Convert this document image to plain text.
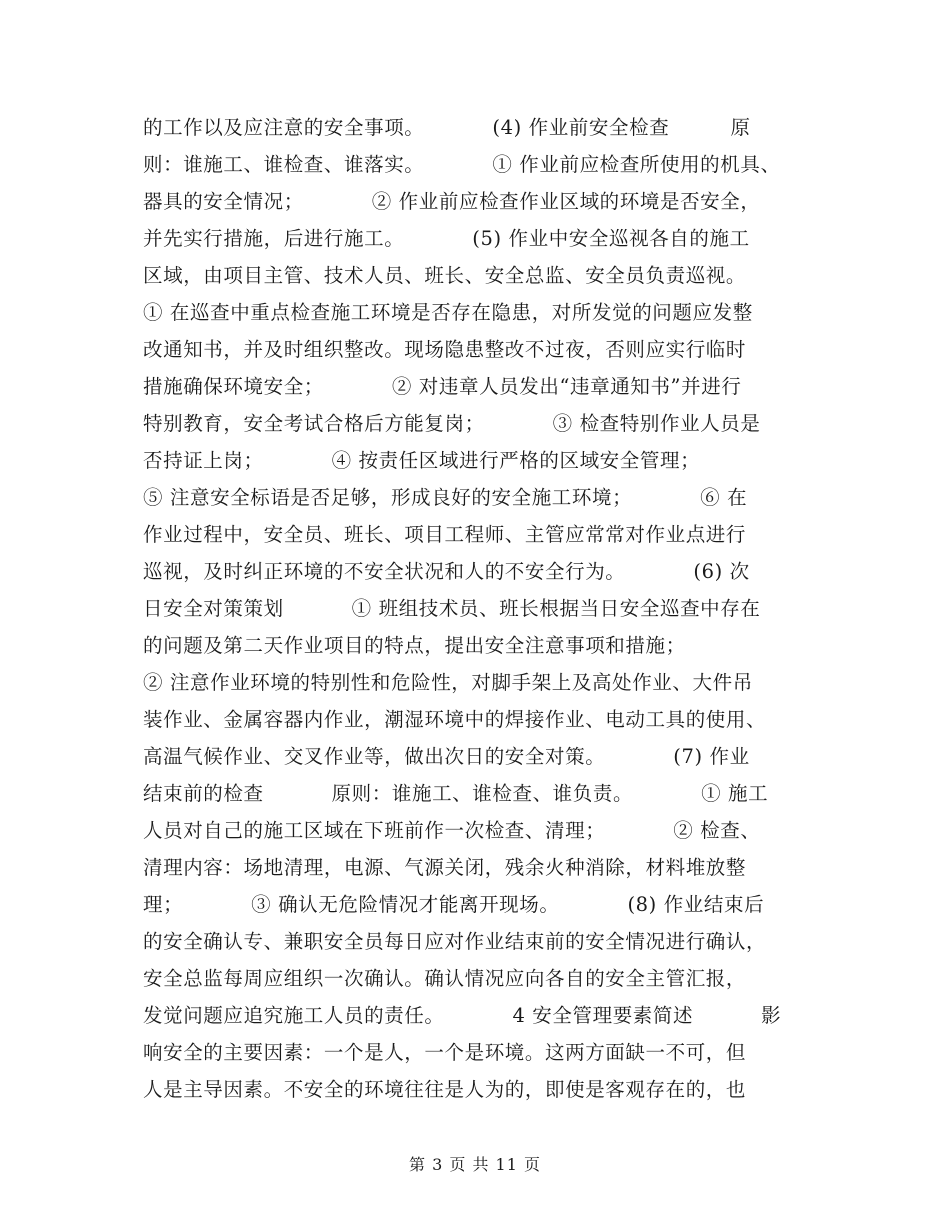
的工作以及应注意的安全事项。          (4) 作业前安全检查         原
则：谁施工、谁检查、谁落实。          ① 作业前应检查所使用的机具、
器具的安全情况；          ② 作业前应检查作业区域的环境是否安全，
并先实行措施，后进行施工。          (5) 作业中安全巡视各自的施工
区域，由项目主管、技术人员、班长、安全总监、安全员负责巡视。
① 在巡查中重点检查施工环境是否存在隐患，对所发觉的问题应发整
改通知书，并及时组织整改。现场隐患整改不过夜，否则应实行临时
措施确保环境安全；          ② 对违章人员发出“违章通知书”并进行
特别教育，安全考试合格后方能复岗；          ③ 检查特别作业人员是
否持证上岗；          ④ 按责任区域进行严格的区域安全管理；
⑤ 注意安全标语是否足够，形成良好的安全施工环境；          ⑥ 在
作业过程中，安全员、班长、项目工程师、主管应常常对作业点进行
巡视，及时纠正环境的不安全状况和人的不安全行为。          (6) 次
日安全对策策划          ① 班组技术员、班长根据当日安全巡查中存在
的问题及第二天作业项目的特点，提出安全注意事项和措施；
② 注意作业环境的特别性和危险性，对脚手架上及高处作业、大件吊
装作业、金属容器内作业，潮湿环境中的焊接作业、电动工具的使用、
高温气候作业、交叉作业等，做出次日的安全对策。          (7) 作业
结束前的检查          原则：谁施工、谁检查、谁负责。          ① 施工
人员对自己的施工区域在下班前作一次检查、清理；          ② 检查、
清理内容：场地清理，电源、气源关闭，残余火种消除，材料堆放整
理；          ③ 确认无危险情况才能离开现场。          (8) 作业结束后
的安全确认专、兼职安全员每日应对作业结束前的安全情况进行确认，
安全总监每周应组织一次确认。确认情况应向各自的安全主管汇报，
发觉问题应追究施工人员的责任。          4 安全管理要素简述          影
响安全的主要因素：一个是人，一个是环境。这两方面缺一不可，但
人是主导因素。不安全的环境往往是人为的，即使是客观存在的，也
第 3 页 共 11 页
